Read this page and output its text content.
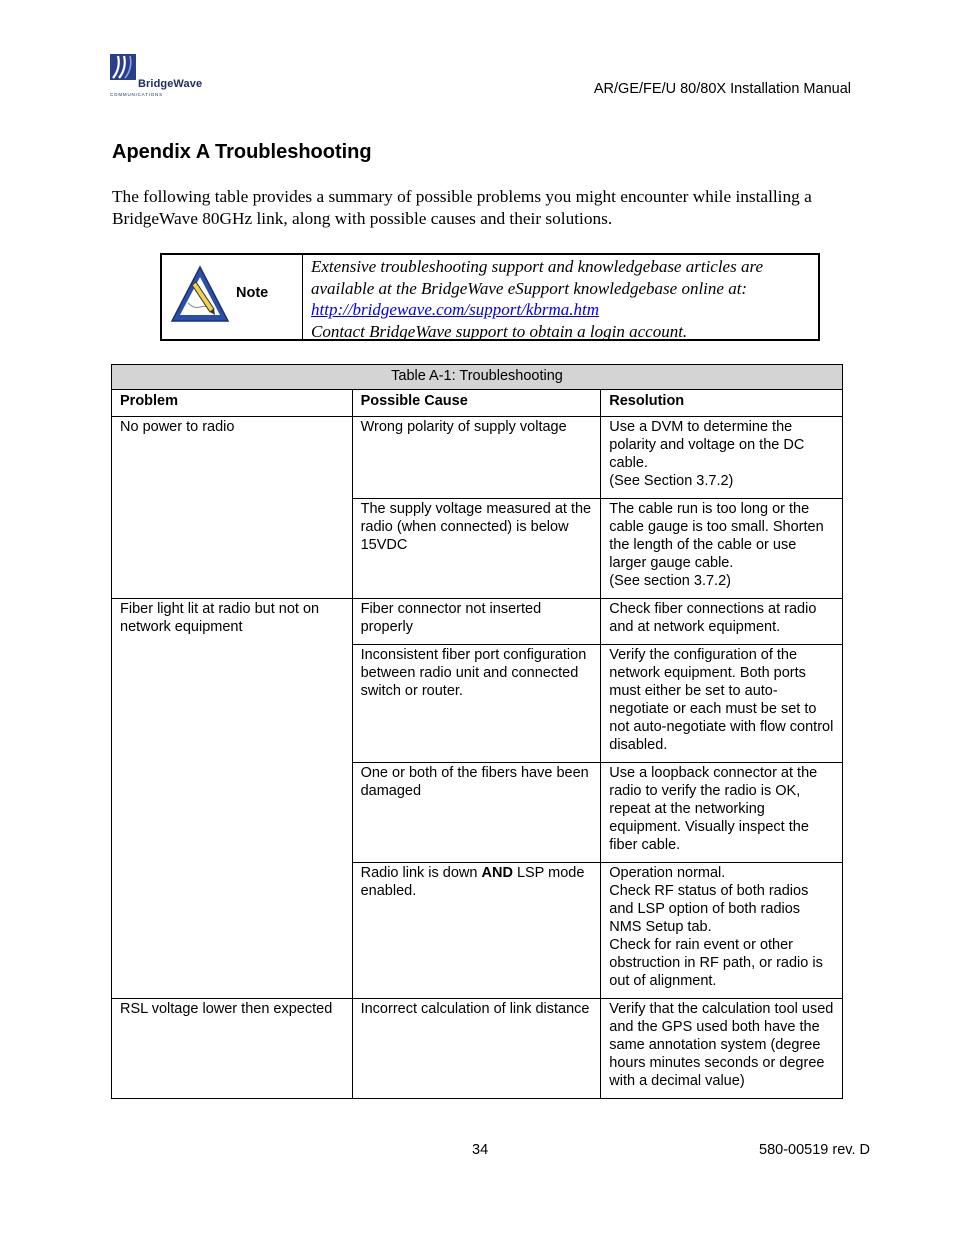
BridgeWave
COMMUNICATIONS	AR/GE/FE/U 80/80X Installation Manual
Apendix A Troubleshooting
The following table provides a summary of possible problems you might encounter while installing a BridgeWave 80GHz link, along with possible causes and their solutions.
Note
Extensive troubleshooting support and knowledgebase articles are available at the BridgeWave eSupport knowledgebase online at:
http://bridgewave.com/support/kbrma.htm
Contact BridgeWave support to obtain a login account.
Table A-1: Troubleshooting		
Problem	Possible Cause	Resolution
No power to radio	Wrong polarity of supply voltage	Use a DVM to determine the polarity and voltage on the DC cable.
(See Section 3.7.2)
	The supply voltage measured at the radio (when connected) is below 15VDC	The cable run is too long or the cable gauge is too small. Shorten the length of the cable or use larger gauge cable.
(See section 3.7.2)
Fiber light lit at radio but not on network equipment	Fiber connector not inserted properly	Check fiber connections at radio and at network equipment.
	Inconsistent fiber port configuration between radio unit and connected switch or router.	Verify the configuration of the network equipment. Both ports must either be set to auto-negotiate or each must be set to not auto-negotiate with flow control disabled.
	One or both of the fibers have been damaged	Use a loopback connector at the radio to verify the radio is OK, repeat at the networking equipment. Visually inspect the fiber cable.
	Radio link is down AND LSP mode enabled.	Operation normal.
Check RF status of both radios and LSP option of both radios NMS Setup tab.
Check for rain event or other obstruction in RF path, or radio is out of alignment.
RSL voltage lower then expected	Incorrect calculation of link distance	Verify that the calculation tool used and the GPS used both have the same annotation system (degree hours minutes seconds or degree with a decimal value)
34	580-00519 rev. D
